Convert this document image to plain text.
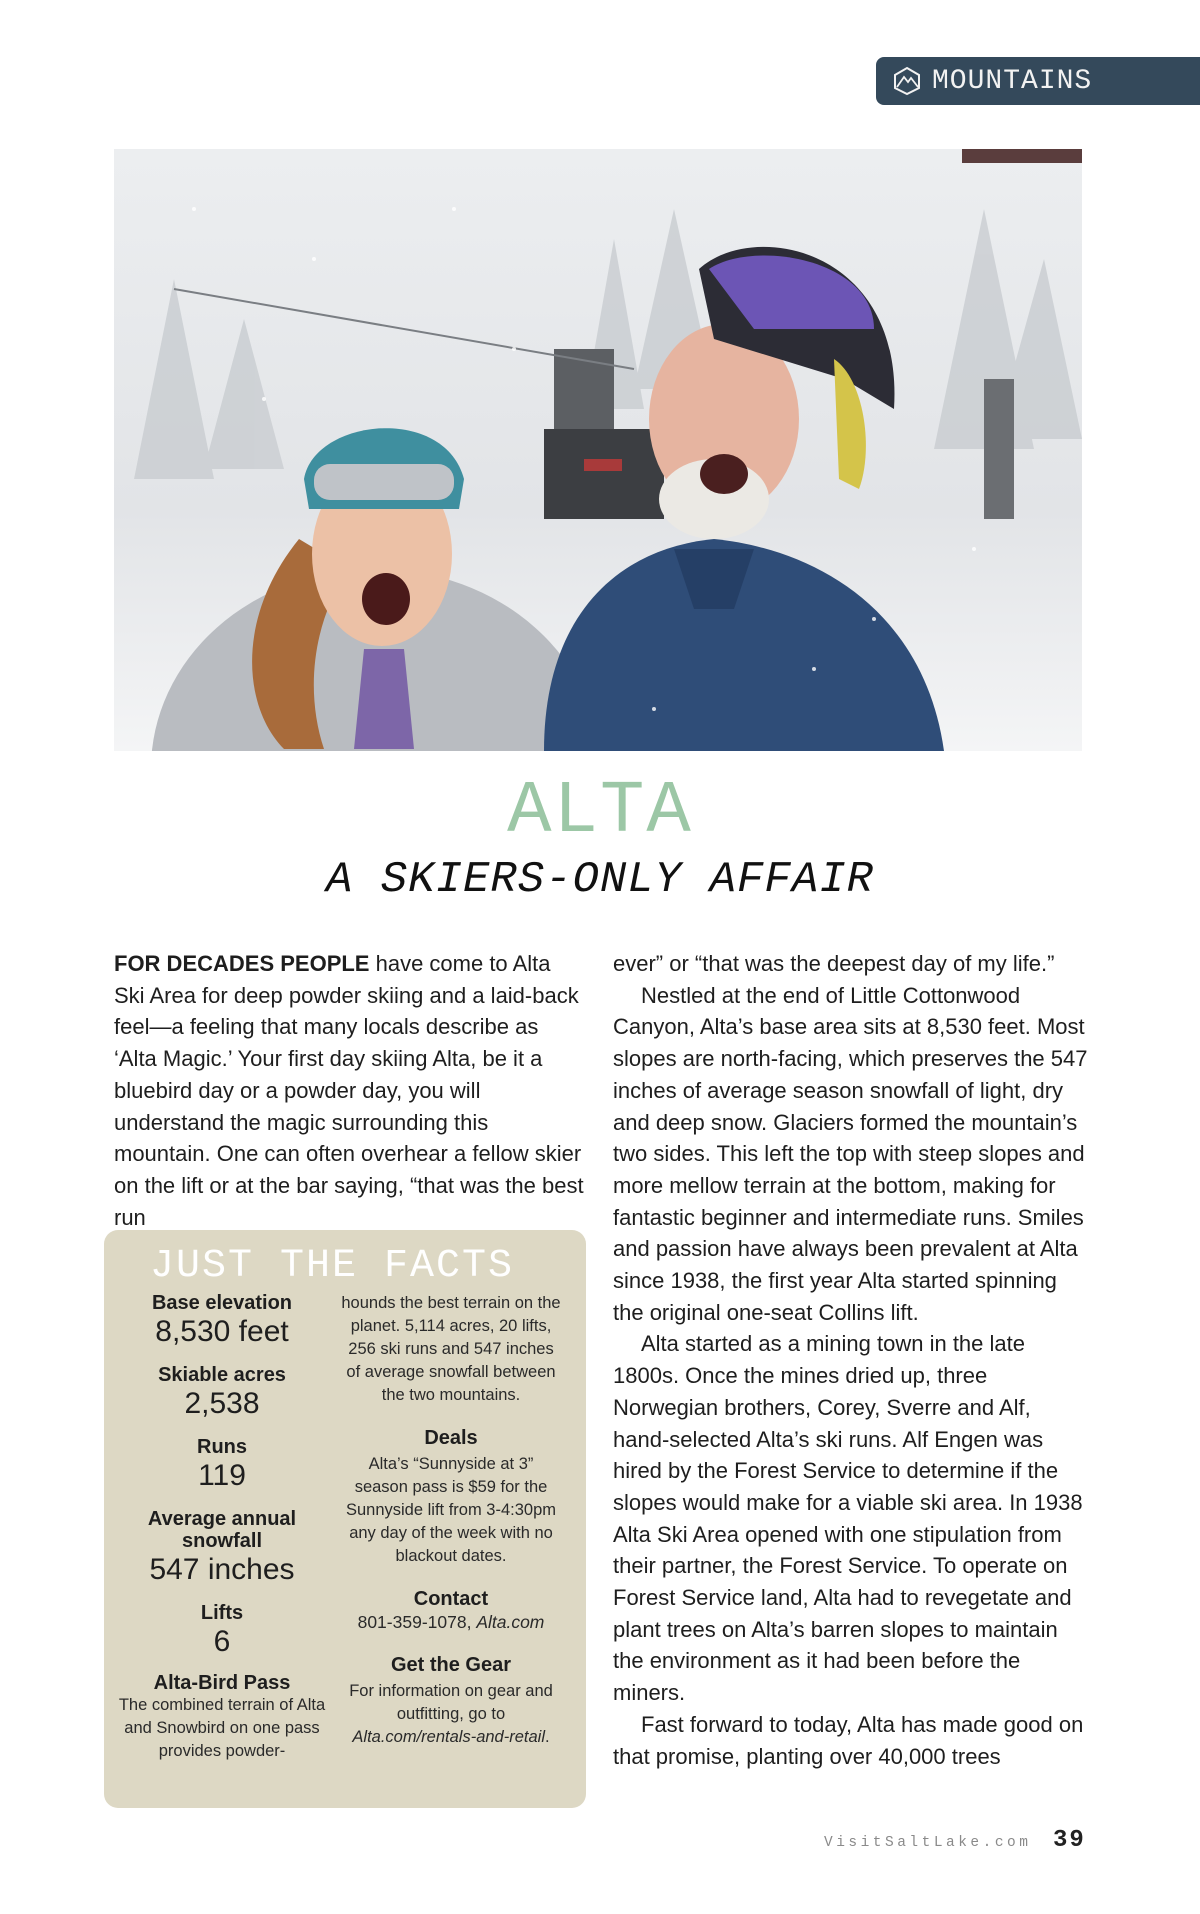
MOUNTAINS
ALTA
A SKIERS-ONLY AFFAIR

FOR DECADES PEOPLE have come to Alta Ski Area for deep powder skiing and a laid-back feel—a feeling that many locals describe as ‘Alta Magic.’ Your first day skiing Alta, be it a bluebird day or a powder day, you will understand the magic surrounding this mountain. One can often overhear a fellow skier on the lift or at the bar saying, “that was the best run

ever” or “that was the deepest day of my life.”

Nestled at the end of Little Cottonwood Canyon, Alta’s base area sits at 8,530 feet. Most slopes are north-facing, which preserves the 547 inches of average season snowfall of light, dry and deep snow. Glaciers formed the mountain’s two sides. This left the top with steep slopes and more mellow terrain at the bottom, making for fantastic beginner and intermediate runs. Smiles and passion have always been prevalent at Alta since 1938, the first year Alta started spinning the original one-seat Collins lift.

Alta started as a mining town in the late 1800s. Once the mines dried up, three Norwegian brothers, Corey, Sverre and Alf, hand-selected Alta’s ski runs. Alf Engen was hired by the Forest Service to determine if the slopes would make for a viable ski area. In 1938 Alta Ski Area opened with one stipulation from their partner, the Forest Service. To operate on Forest Service land, Alta had to revegetate and plant trees on Alta’s barren slopes to maintain the environment as it had been before the miners.

Fast forward to today, Alta has made good on that promise, planting over 40,000 trees

JUST THE FACTS
Base elevation
8,530 feet
Skiable acres
2,538
Runs
119
Average annual snowfall
547 inches
Lifts
6
Alta-Bird Pass
The combined terrain of Alta and Snowbird on one pass provides powder-
hounds the best terrain on the planet. 5,114 acres, 20 lifts, 256 ski runs and 547 inches of average snowfall between the two mountains.
Deals
Alta’s “Sunnyside at 3” season pass is $59 for the Sunnyside lift from 3-4:30pm any day of the week with no blackout dates.
Contact
801-359-1078, Alta.com
Get the Gear
For information on gear and outfitting, go to Alta.com/rentals-and-retail.
VisitSaltLake.com 39
